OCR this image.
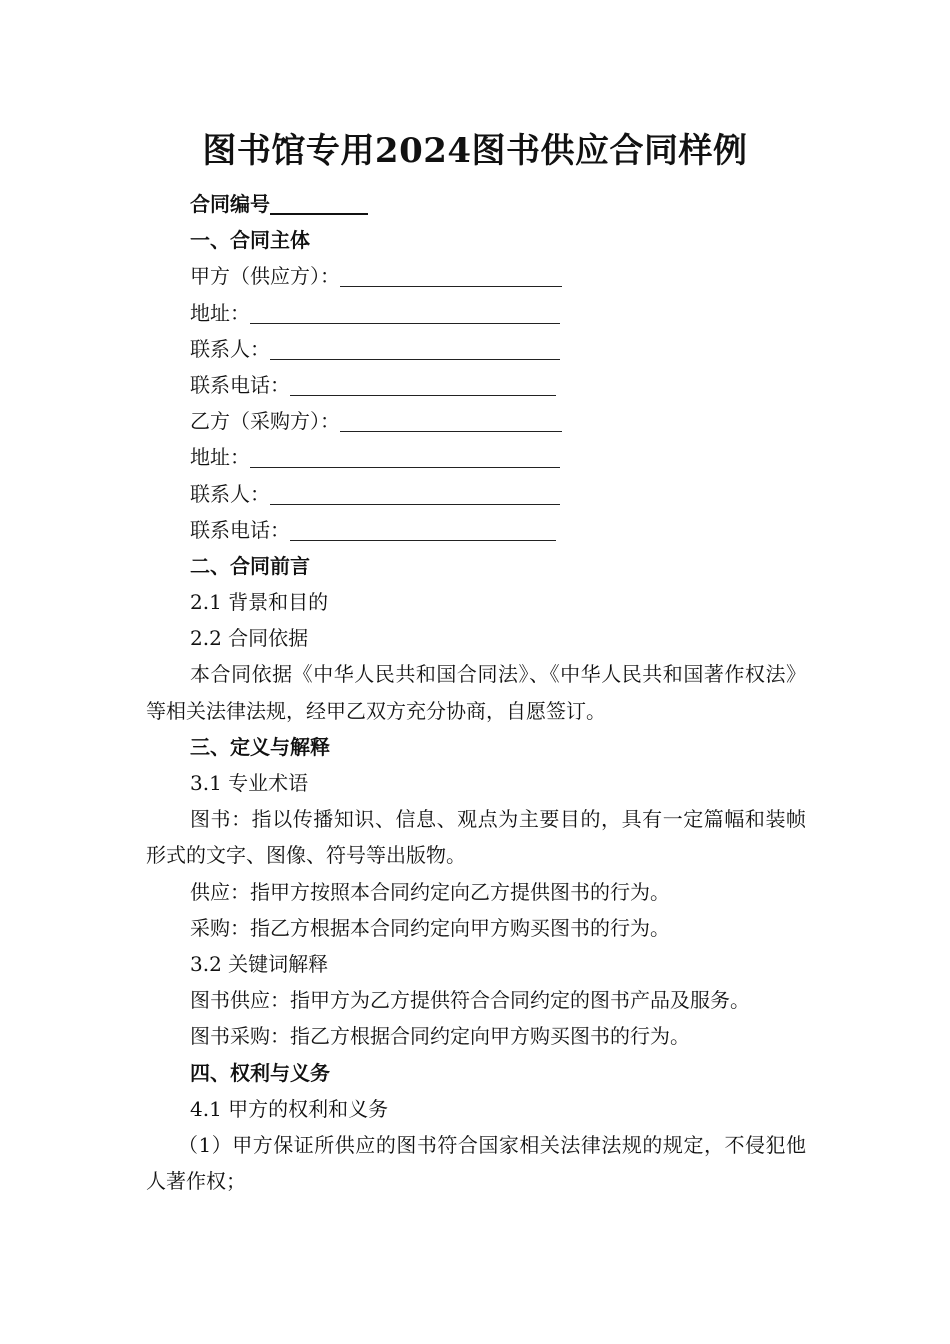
图书馆专用2024图书供应合同样例
合同编号
一、合同主体
甲方（供应方）：
地址：
联系人：
联系电话：
乙方（采购方）：
地址：
联系人：
联系电话：
二、合同前言
2.1 背景和目的
2.2 合同依据
本合同依据《中华人民共和国合同法》、《中华人民共和国著作权法》等相关法律法规，经甲乙双方充分协商，自愿签订。
三、定义与解释
3.1 专业术语
图书：指以传播知识、信息、观点为主要目的，具有一定篇幅和装帧形式的文字、图像、符号等出版物。
供应：指甲方按照本合同约定向乙方提供图书的行为。
采购：指乙方根据本合同约定向甲方购买图书的行为。
3.2 关键词解释
图书供应：指甲方为乙方提供符合合同约定的图书产品及服务。
图书采购：指乙方根据合同约定向甲方购买图书的行为。
四、权利与义务
4.1 甲方的权利和义务
（1）甲方保证所供应的图书符合国家相关法律法规的规定，不侵犯他人著作权；
